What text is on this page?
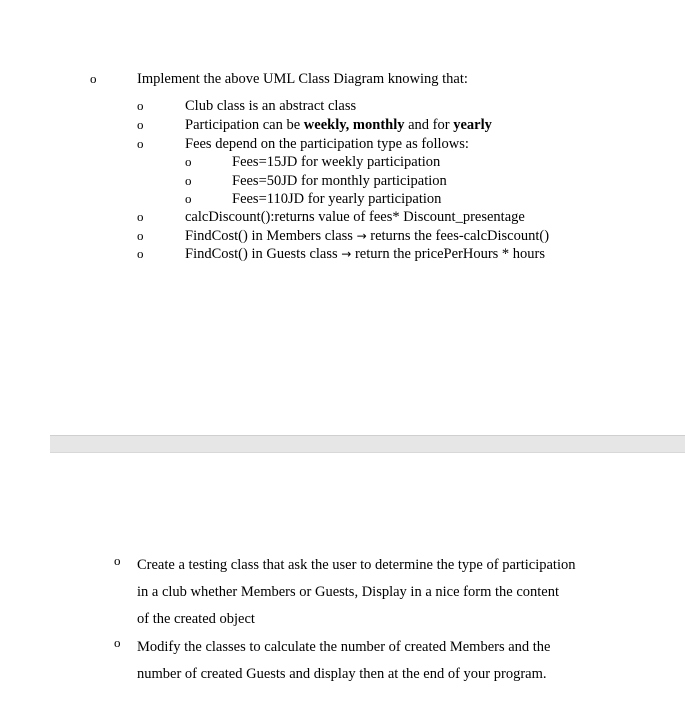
o	Implement the above UML Class Diagram knowing that:
o	Club class is an abstract class
o	Participation can be weekly, monthly and for yearly
o	Fees depend on the participation type as follows:
o	Fees=15JD for weekly participation
o	Fees=50JD for monthly participation
o	Fees=110JD for yearly participation
o	calcDiscount():returns value of fees* Discount_presentage
o	FindCost() in Members class → returns the fees-calcDiscount()
o	FindCost() in Guests class → return the pricePerHours * hours
o Create a testing class that ask the user to determine the type of participation
in a club whether Members or Guests, Display in a nice form the content
of the created object
o Modify the classes to calculate the number of created Members and the
number of created Guests and display then at the end of your program.
